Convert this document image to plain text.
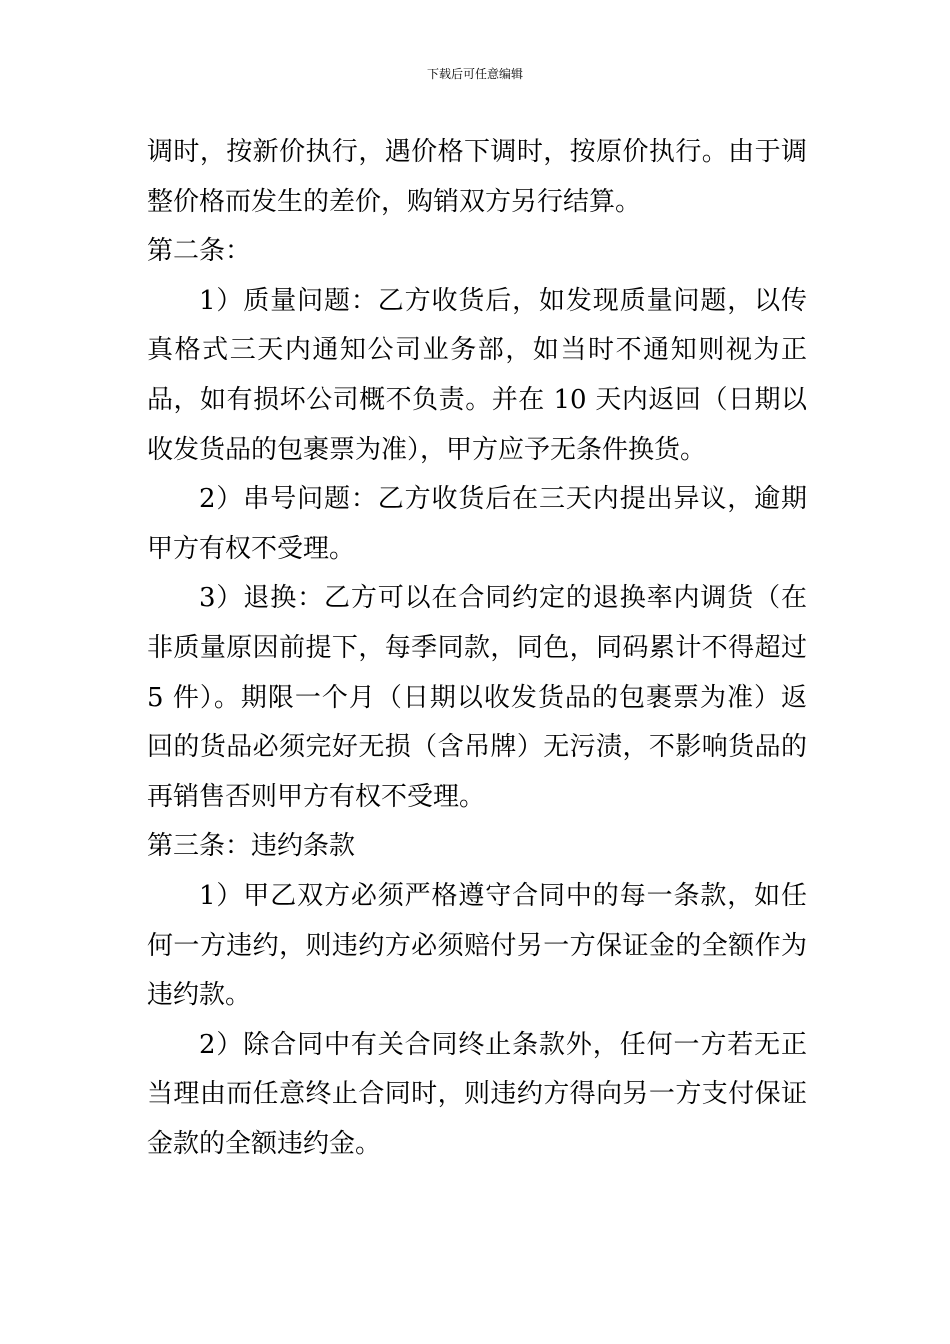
下载后可任意编辑

调时，按新价执行，遇价格下调时，按原价执行。由于调整价格而发生的差价，购销双方另行结算。

第二条：

1）质量问题：乙方收货后，如发现质量问题，以传真格式三天内通知公司业务部，如当时不通知则视为正品，如有损坏公司概不负责。并在 10 天内返回（日期以收发货品的包裹票为准），甲方应予无条件换货。

2）串号问题：乙方收货后在三天内提出异议，逾期甲方有权不受理。

3）退换：乙方可以在合同约定的退换率内调货（在非质量原因前提下，每季同款，同色，同码累计不得超过 5 件）。期限一个月（日期以收发货品的包裹票为准）返回的货品必须完好无损（含吊牌）无污渍，不影响货品的再销售否则甲方有权不受理。

第三条：违约条款

1）甲乙双方必须严格遵守合同中的每一条款，如任何一方违约，则违约方必须赔付另一方保证金的全额作为违约款。

2）除合同中有关合同终止条款外，任何一方若无正当理由而任意终止合同时，则违约方得向另一方支付保证金款的全额违约金。
